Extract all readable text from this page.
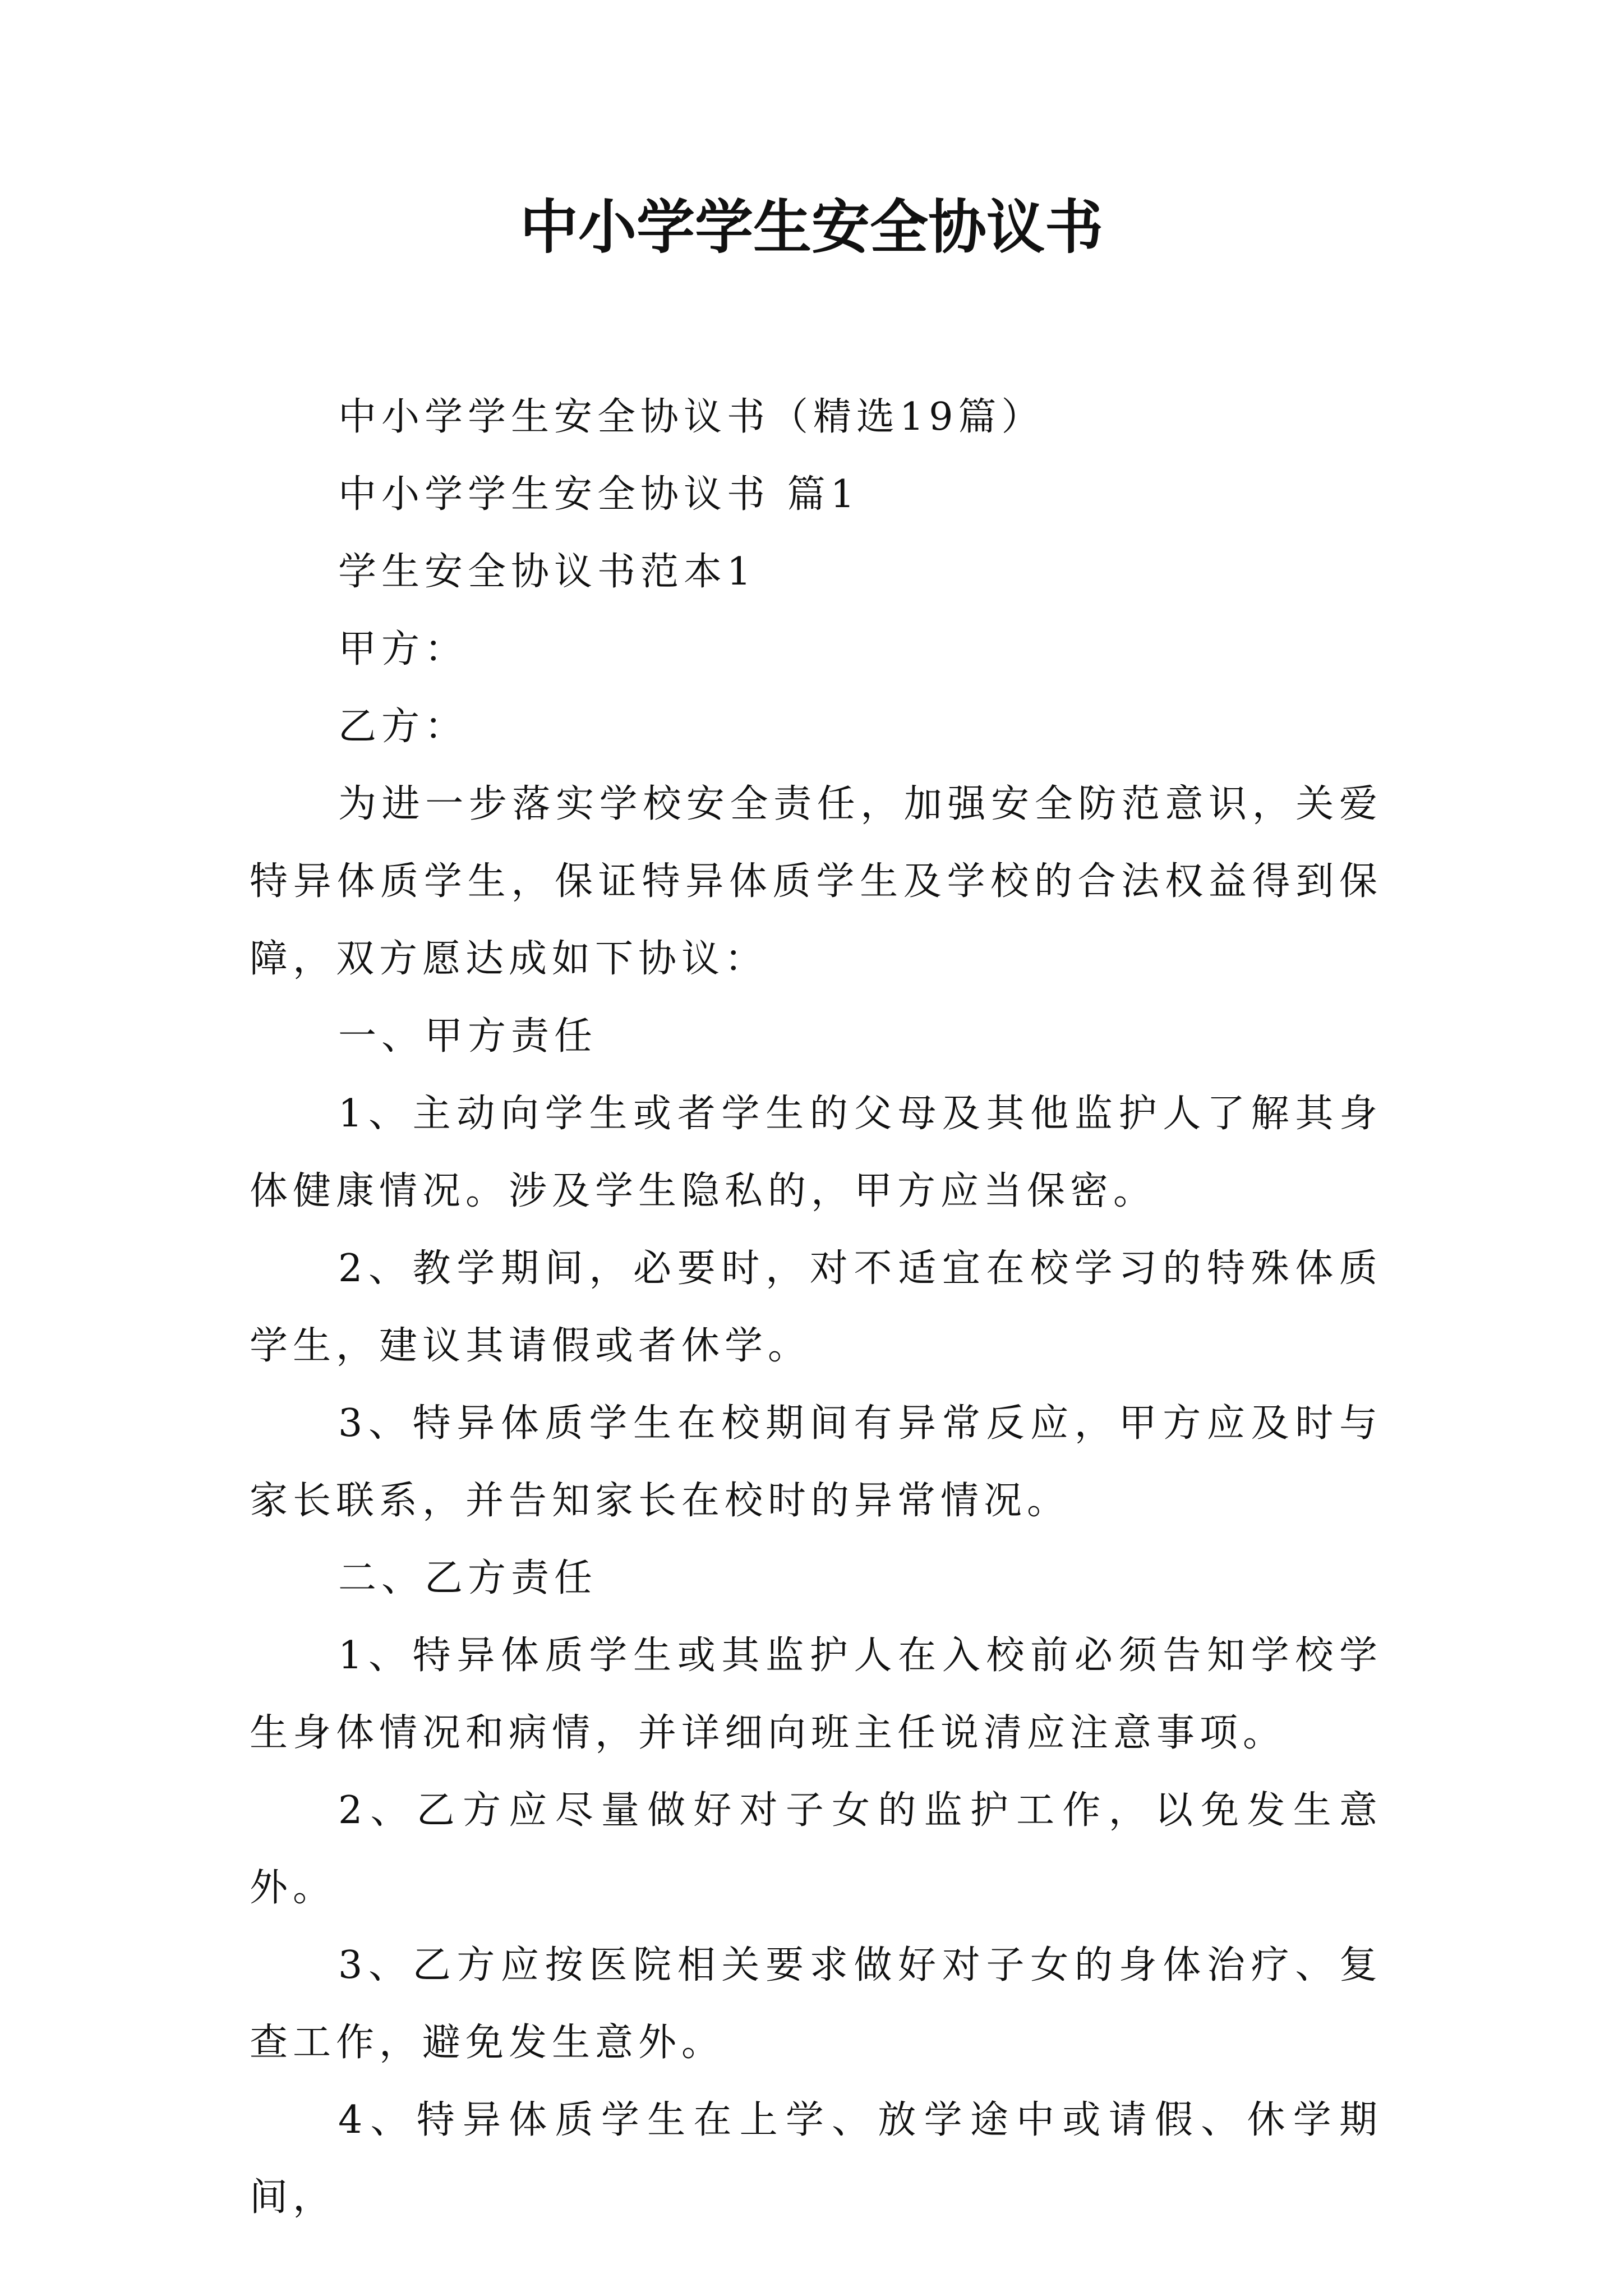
中小学学生安全协议书

中小学学生安全协议书（精选19篇）

中小学学生安全协议书 篇1

学生安全协议书范本1

甲方：

乙方：

为进一步落实学校安全责任，加强安全防范意识，关爱特异体质学生，保证特异体质学生及学校的合法权益得到保障，双方愿达成如下协议：

一、甲方责任

1、主动向学生或者学生的父母及其他监护人了解其身体健康情况。涉及学生隐私的，甲方应当保密。

2、教学期间，必要时，对不适宜在校学习的特殊体质学生，建议其请假或者休学。

3、特异体质学生在校期间有异常反应，甲方应及时与家长联系，并告知家长在校时的异常情况。

二、乙方责任

1、特异体质学生或其监护人在入校前必须告知学校学生身体情况和病情，并详细向班主任说清应注意事项。

2、乙方应尽量做好对子女的监护工作，以免发生意外。

3、乙方应按医院相关要求做好对子女的身体治疗、复查工作，避免发生意外。

4、特异体质学生在上学、放学途中或请假、休学期间，
